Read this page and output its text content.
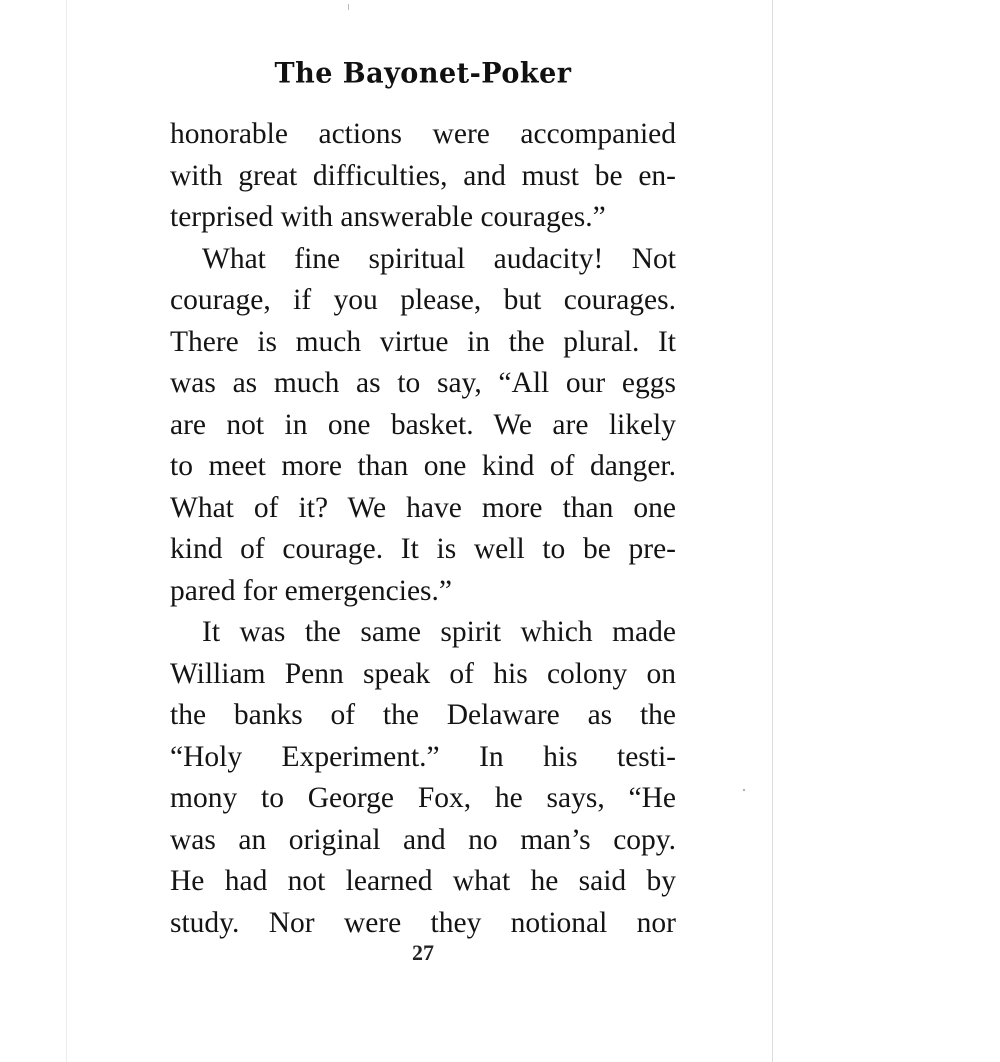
The Bayonet-Poker
honorable actions were accompanied
with great difficulties, and must be en-
terprised with answerable courages.”
What fine spiritual audacity! Not
courage, if you please, but courages.
There is much virtue in the plural. It
was as much as to say, “All our eggs
are not in one basket. We are likely
to meet more than one kind of danger.
What of it? We have more than one
kind of courage. It is well to be pre-
pared for emergencies.”
It was the same spirit which made
William Penn speak of his colony on
the banks of the Delaware as the
“Holy Experiment.” In his testi-
mony to George Fox, he says, “He
was an original and no man’s copy.
He had not learned what he said by
study. Nor were they notional nor
27
